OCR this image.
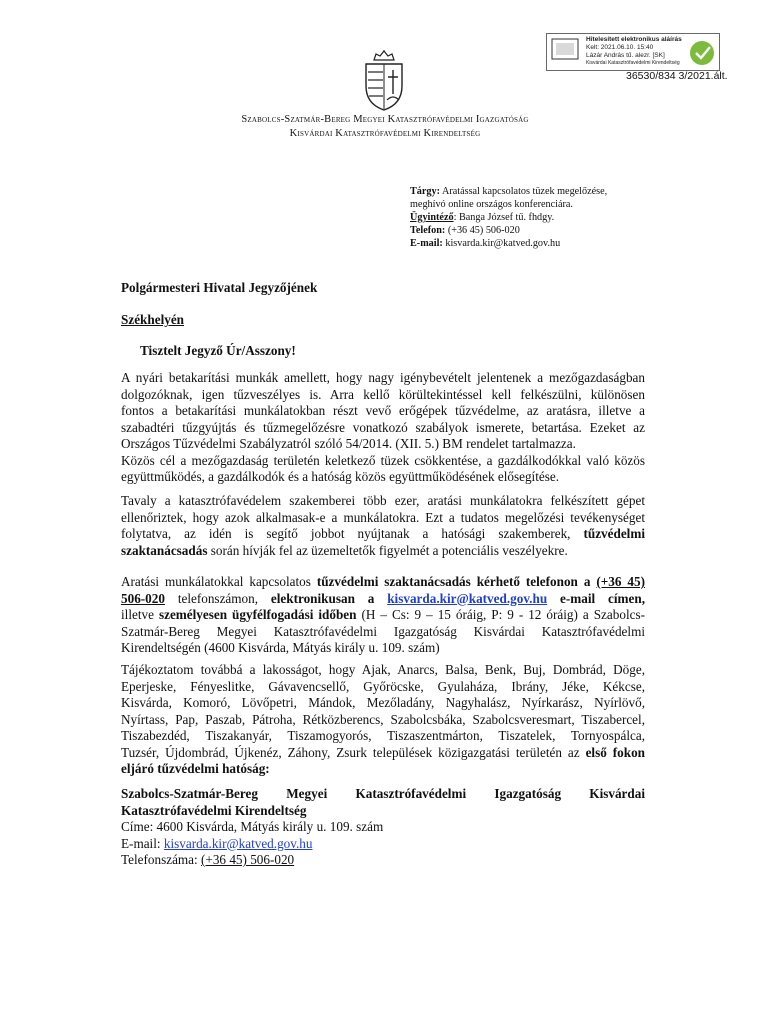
Hitelesített elektronikus aláírás
Kelt: 2021.06.10. 15:40
Lázár András tű. alezr. [SK]
Kisvárdai Katasztrófavédelmi Kirendeltség
36530/834 3/2021.ált.
Szabolcs-Szatmár-Bereg Megyei Katasztrófavédelmi Igazgatóság
Kisvárdai Katasztrófavédelmi Kirendeltség
Tárgy: Aratással kapcsolatos tüzek megelőzése,
meghívó online országos konferenciára.
Ügyintéző: Banga József tű. fhdgy.
Telefon: (+36 45) 506-020
E-mail: kisvarda.kir@katved.gov.hu
Polgármesteri Hivatal Jegyzőjének
Székhelyén
Tisztelt Jegyző Úr/Asszony!
A nyári betakarítási munkák amellett, hogy nagy igénybevételt jelentenek a mezőgazdaságban
dolgozóknak, igen tűzveszélyes is. Arra kellő körültekintéssel kell felkészülni, különösen
fontos a betakarítási munkálatokban részt vevő erőgépek tűzvédelme, az aratásra, illetve a
szabadtéri tűzgyújtás és tűzmegelőzésre vonatkozó szabályok ismerete, betartása. Ezeket az
Országos Tűzvédelmi Szabályzatról szóló 54/2014. (XII. 5.) BM rendelet tartalmazza.
Közös cél a mezőgazdaság területén keletkező tüzek csökkentése, a gazdálkodókkal való közös
együttműködés, a gazdálkodók és a hatóság közös együttműködésének elősegítése.
Tavaly a katasztrófavédelem szakemberei több ezer, aratási munkálatokra felkészített gépet
ellenőriztek, hogy azok alkalmasak-e a munkálatokra. Ezt a tudatos megelőzési tevékenységet
folytatva, az idén is segítő jobbot nyújtanak a hatósági szakemberek, tűzvédelmi
szaktanácsadás során hívják fel az üzemeltetők figyelmét a potenciális veszélyekre.
Aratási munkálatokkal kapcsolatos tűzvédelmi szaktanácsadás kérhető telefonon a (+36 45)
506-020 telefonszámon, elektronikusan a kisvarda.kir@katved.gov.hu e-mail címen,
illetve személyesen ügyfélfogadási időben (H – Cs: 9 – 15 óráig, P: 9 - 12 óráig) a Szabolcs-
Szatmár-Bereg Megyei Katasztrófavédelmi Igazgatóság Kisvárdai Katasztrófavédelmi
Kirendeltségén (4600 Kisvárda, Mátyás király u. 109. szám)
Tájékoztatom továbbá a lakosságot, hogy Ajak, Anarcs, Balsa, Benk, Buj, Dombrád, Döge,
Eperjeske, Fényeslitke, Gávavencsellő, Győröcske, Gyulaháza, Ibrány, Jéke, Kékcse,
Kisvárda, Komoró, Lövőpetri, Mándok, Mezőladány, Nagyhalász, Nyírkarász, Nyírlövő,
Nyírtass, Pap, Paszab, Pátroha, Rétközberencs, Szabolcsbáka, Szabolcsveresmart, Tiszabercel,
Tiszabezdéd, Tiszakanyár, Tiszamogyorós, Tiszaszentmárton, Tiszatelek, Tornyospálca,
Tuzsér, Újdombrád, Újkenéz, Záhony, Zsurk települések közigazgatási területén az első fokon
eljáró tűzvédelmi hatóság:
Szabolcs-Szatmár-Bereg Megyei Katasztrófavédelmi Igazgatóság Kisvárdai
Katasztrófavédelmi Kirendeltség
Címe: 4600 Kisvárda, Mátyás király u. 109. szám
E-mail: kisvarda.kir@katved.gov.hu
Telefonszáma: (+36 45) 506-020
